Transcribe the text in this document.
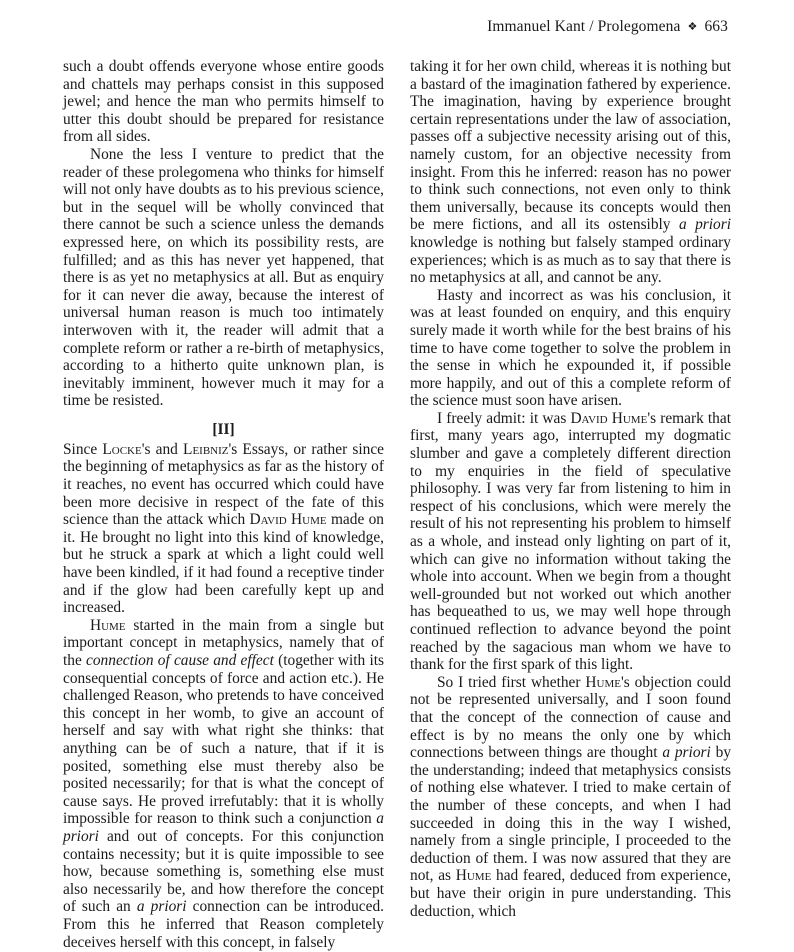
Immanuel Kant / Prolegomena ❖ 663

such a doubt offends everyone whose entire goods and chattels may perhaps consist in this supposed jewel; and hence the man who permits himself to utter this doubt should be prepared for resistance from all sides.

None the less I venture to predict that the reader of these prolegomena who thinks for himself will not only have doubts as to his previous science, but in the sequel will be wholly convinced that there cannot be such a science unless the demands expressed here, on which its possibility rests, are fulfilled; and as this has never yet happened, that there is as yet no metaphysics at all. But as enquiry for it can never die away, because the interest of universal human reason is much too intimately interwoven with it, the reader will admit that a complete reform or rather a re-birth of metaphysics, according to a hitherto quite unknown plan, is inevitably imminent, however much it may for a time be resisted.

[II]

Since Locke's and Leibniz's Essays, or rather since the beginning of metaphysics as far as the history of it reaches, no event has occurred which could have been more decisive in respect of the fate of this science than the attack which David Hume made on it. He brought no light into this kind of knowledge, but he struck a spark at which a light could well have been kindled, if it had found a receptive tinder and if the glow had been carefully kept up and increased.

Hume started in the main from a single but important concept in metaphysics, namely that of the connection of cause and effect (together with its consequential concepts of force and action etc.). He challenged Reason, who pretends to have conceived this concept in her womb, to give an account of herself and say with what right she thinks: that anything can be of such a nature, that if it is posited, something else must thereby also be posited necessarily; for that is what the concept of cause says. He proved irrefutably: that it is wholly impossible for reason to think such a conjunction a priori and out of concepts. For this conjunction contains necessity; but it is quite impossible to see how, because something is, something else must also necessarily be, and how therefore the concept of such an a priori connection can be introduced. From this he inferred that Reason completely deceives herself with this concept, in falsely

taking it for her own child, whereas it is nothing but a bastard of the imagination fathered by experience. The imagination, having by experience brought certain representations under the law of association, passes off a subjective necessity arising out of this, namely custom, for an objective necessity from insight. From this he inferred: reason has no power to think such connections, not even only to think them universally, because its concepts would then be mere fictions, and all its ostensibly a priori knowledge is nothing but falsely stamped ordinary experiences; which is as much as to say that there is no metaphysics at all, and cannot be any.

Hasty and incorrect as was his conclusion, it was at least founded on enquiry, and this enquiry surely made it worth while for the best brains of his time to have come together to solve the problem in the sense in which he expounded it, if possible more happily, and out of this a complete reform of the science must soon have arisen.

I freely admit: it was David Hume's remark that first, many years ago, interrupted my dogmatic slumber and gave a completely different direction to my enquiries in the field of speculative philosophy. I was very far from listening to him in respect of his conclusions, which were merely the result of his not representing his problem to himself as a whole, and instead only lighting on part of it, which can give no information without taking the whole into account. When we begin from a thought well-grounded but not worked out which another has bequeathed to us, we may well hope through continued reflection to advance beyond the point reached by the sagacious man whom we have to thank for the first spark of this light.

So I tried first whether Hume's objection could not be represented universally, and I soon found that the concept of the connection of cause and effect is by no means the only one by which connections between things are thought a priori by the understanding; indeed that metaphysics consists of nothing else whatever. I tried to make certain of the number of these concepts, and when I had succeeded in doing this in the way I wished, namely from a single principle, I proceeded to the deduction of them. I was now assured that they are not, as Hume had feared, deduced from experience, but have their origin in pure understanding. This deduction, which
